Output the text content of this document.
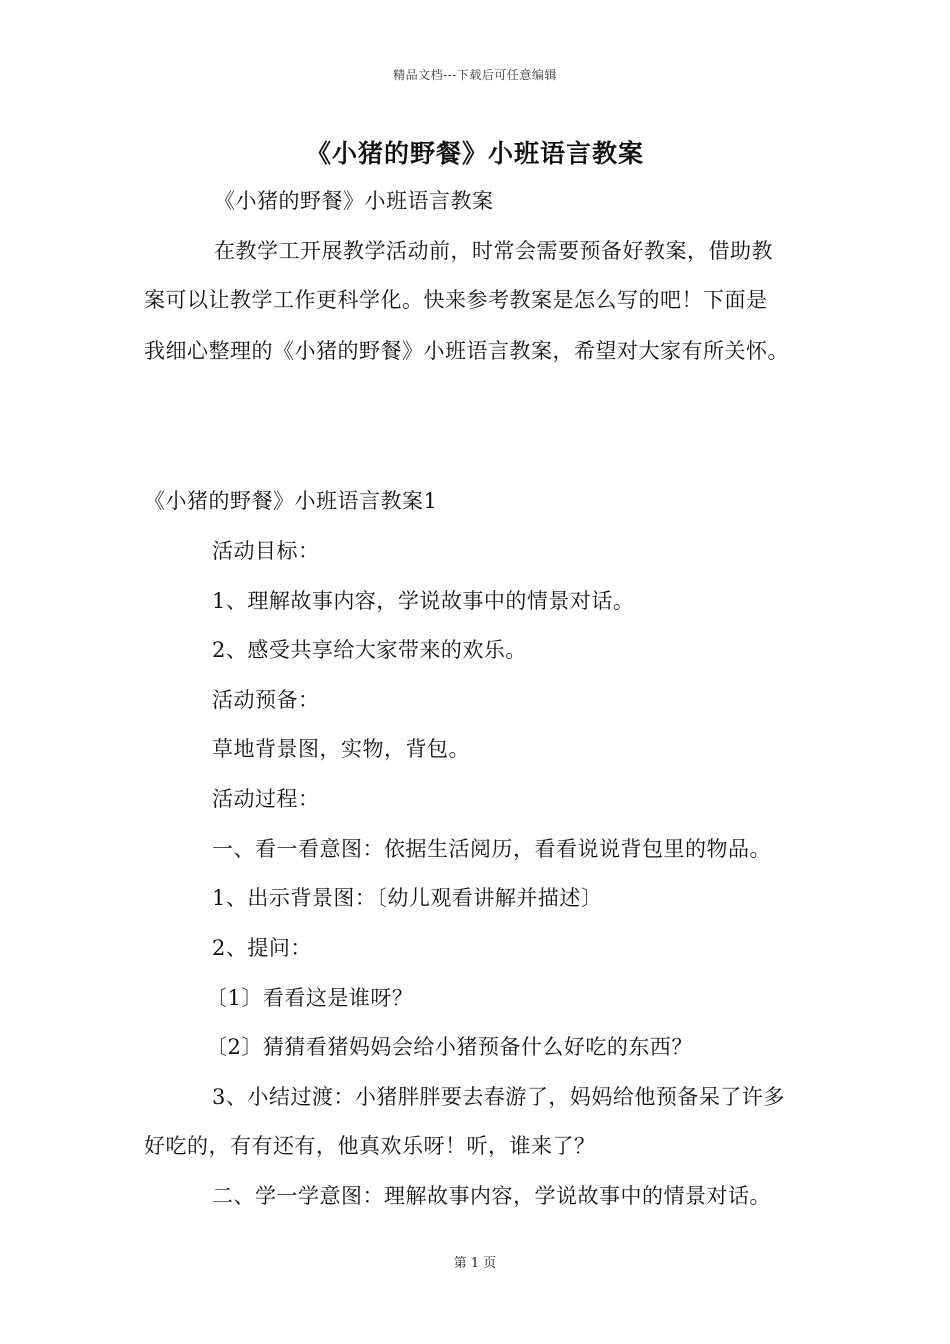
精品文档---下载后可任意编辑
《小猪的野餐》小班语言教案
《小猪的野餐》小班语言教案
在教学工开展教学活动前，时常会需要预备好教案，借助教
案可以让教学工作更科学化。快来参考教案是怎么写的吧！下面是
我细心整理的《小猪的野餐》小班语言教案，希望对大家有所关怀。
《小猪的野餐》小班语言教案1
活动目标：
1、理解故事内容，学说故事中的情景对话。
2、感受共享给大家带来的欢乐。
活动预备：
草地背景图，实物，背包。
活动过程：
一、看一看意图：依据生活阅历，看看说说背包里的物品。
1、出示背景图：〔幼儿观看讲解并描述〕
2、提问：
〔1〕看看这是谁呀？
〔2〕猜猜看猪妈妈会给小猪预备什么好吃的东西？
3、小结过渡：小猪胖胖要去春游了，妈妈给他预备呆了许多
好吃的，有有还有，他真欢乐呀！听，谁来了？
二、学一学意图：理解故事内容，学说故事中的情景对话。
第 1 页
